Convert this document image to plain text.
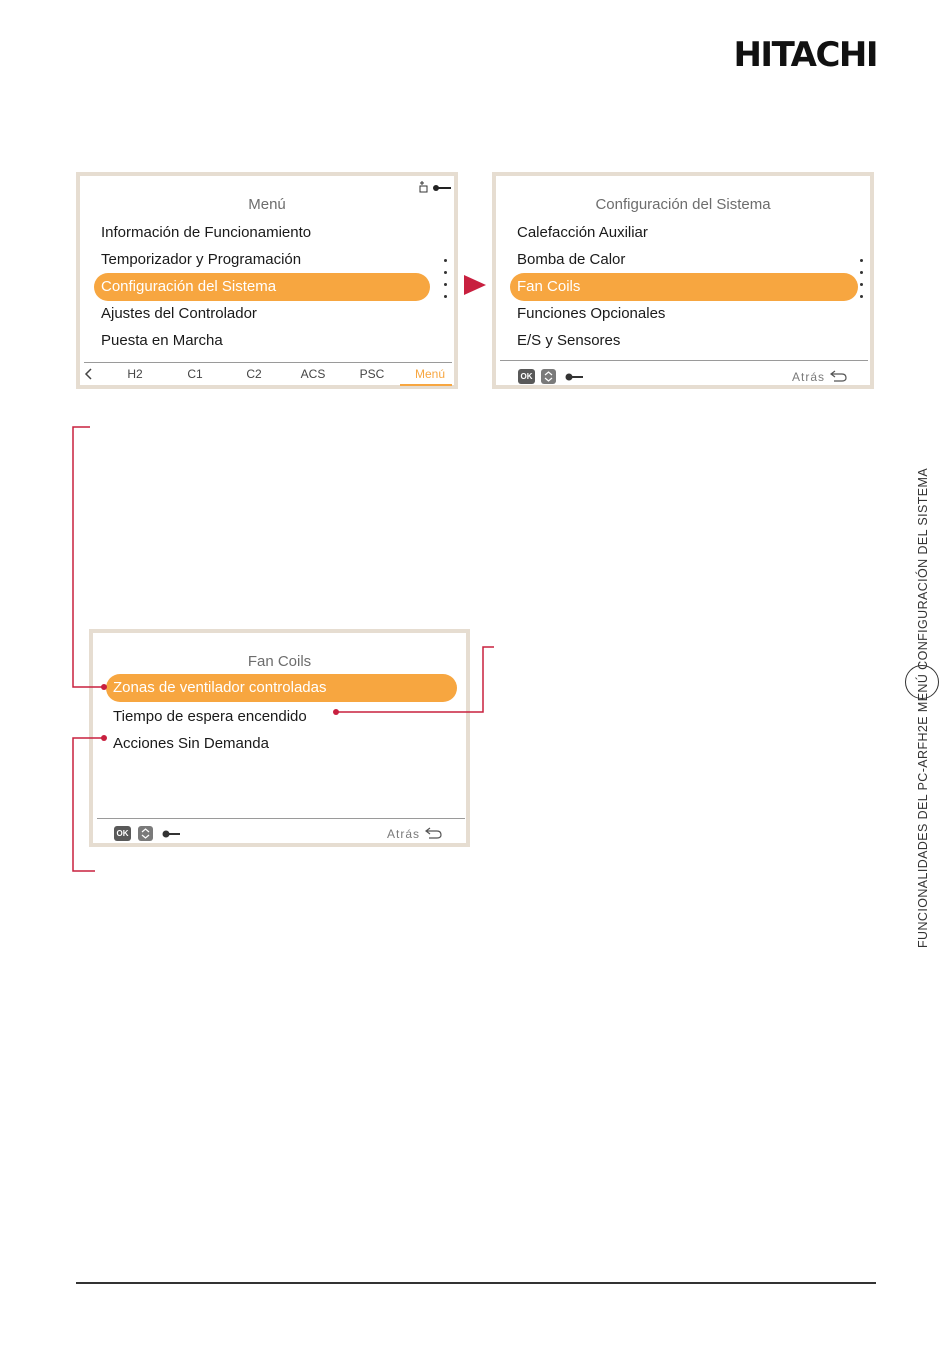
HITACHI
Menú
Información de Funcionamiento
Temporizador y Programación
Configuración del Sistema
Ajustes del Controlador
Puesta en Marcha
H2	C1	C2	ACS	PSC	Menú
Configuración del Sistema
Calefacción Auxiliar
Bomba de Calor
Fan Coils
Funciones Opcionales
E/S y Sensores
OK	Atrás
Fan Coils
Zonas de ventilador controladas
Tiempo de espera encendido
Acciones Sin Demanda
OK	Atrás	FUNCIONALIDADES DEL PC-ARFH2E MENÚ CONFIGURACIÓN DEL SISTEMA
